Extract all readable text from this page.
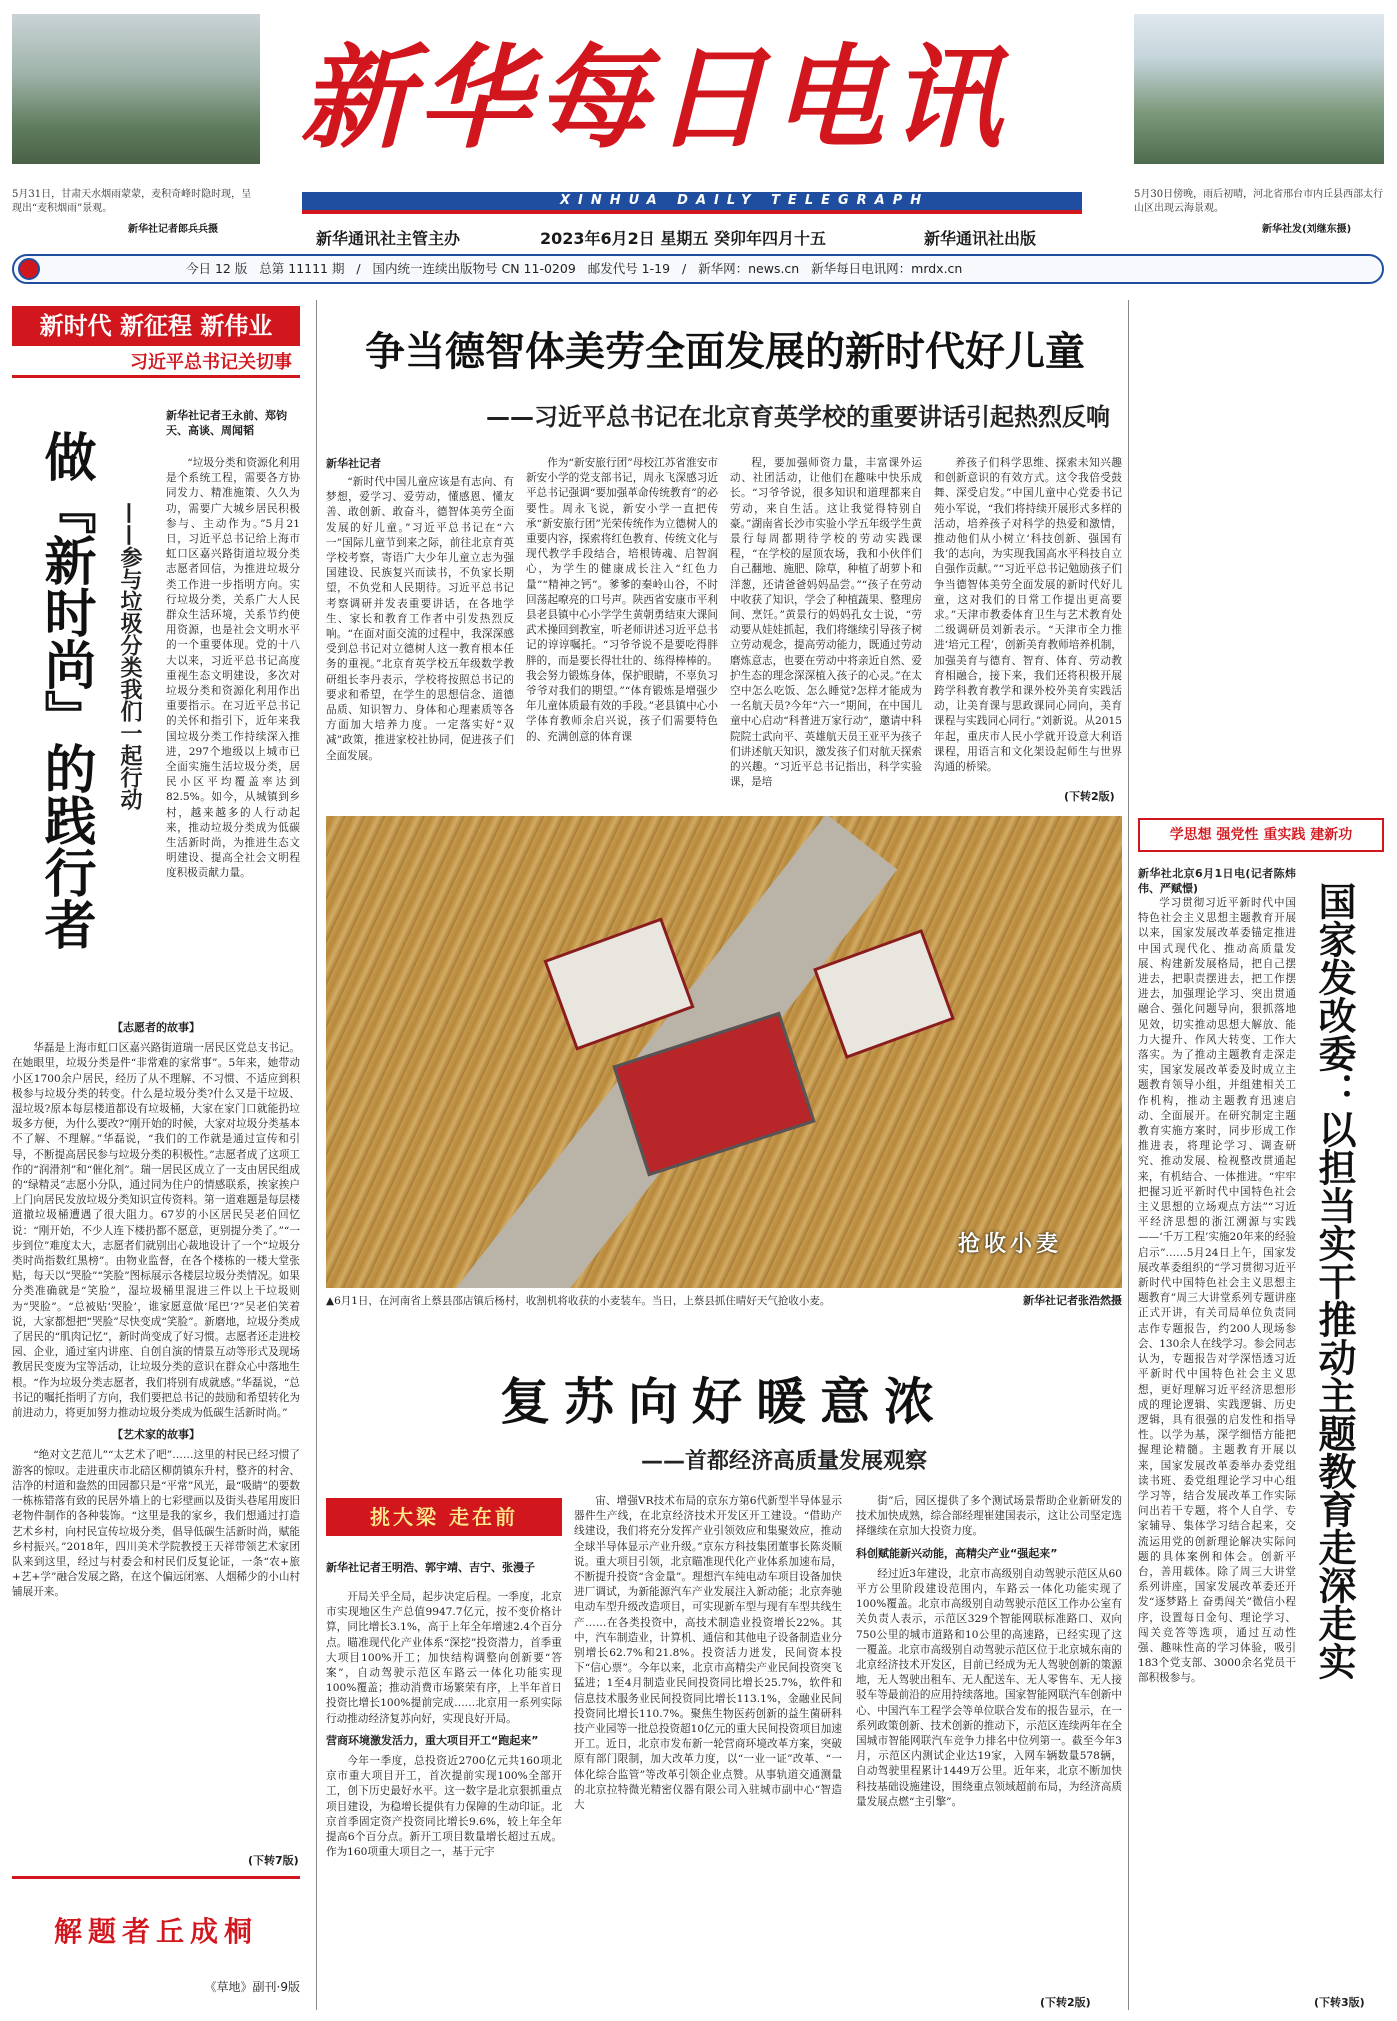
5月31日，甘肃天水烟雨蒙蒙，麦积奇峰时隐时现，呈现出“麦积烟雨”景观。
新华社记者郎兵兵摄
5月30日傍晚，雨后初晴，河北省邢台市内丘县西部太行山区出现云海景观。
新华社发(刘继东摄)
新华每日电讯
XINHUA DAILY TELEGRAPH
新华通讯社主管主办	2023年6月2日 星期五 癸卯年四月十五	新华通讯社出版
今日 12 版   总第 11111 期   /   国内统一连续出版物号 CN 11-0209   邮发代号 1-19   /   新华网：news.cn   新华每日电讯网：mrdx.cn
新时代 新征程 新伟业
习近平总书记关切事
做『新时尚』的践行者 ——参与垃圾分类我们一起行动
新华社记者王永前、郑钧天、高谈、周闻韬

“垃圾分类和资源化利用是个系统工程，需要各方协同发力、精准施策、久久为功，需要广大城乡居民积极参与、主动作为。”5月21日，习近平总书记给上海市虹口区嘉兴路街道垃圾分类志愿者回信，为推进垃圾分类工作进一步指明方向。实行垃圾分类，关系广大人民群众生活环境，关系节约使用资源，也是社会文明水平的一个重要体现。党的十八大以来，习近平总书记高度重视生态文明建设，多次对垃圾分类和资源化利用作出重要指示。在习近平总书记的关怀和指引下，近年来我国垃圾分类工作持续深入推进，297个地级以上城市已全面实施生活垃圾分类，居民小区平均覆盖率达到82.5%。如今，从城镇到乡村，越来越多的人行动起来，推动垃圾分类成为低碳生活新时尚，为推进生态文明建设、提高全社会文明程度积极贡献力量。

【志愿者的故事】

华磊是上海市虹口区嘉兴路街道瑞一居民区党总支书记。在她眼里，垃圾分类是件“非常难的家常事”。5年来，她带动小区1700余户居民，经历了从不理解、不习惯、不适应到积极参与垃圾分类的转变。什么是垃圾分类?什么又是干垃圾、湿垃圾?原本每层楼道都设有垃圾桶，大家在家门口就能扔垃圾多方便，为什么要改?“刚开始的时候，大家对垃圾分类基本不了解、不理解。”华磊说，“我们的工作就是通过宣传和引导，不断提高居民参与垃圾分类的积极性。”志愿者成了这项工作的“润滑剂”和“催化剂”。瑞一居民区成立了一支由居民组成的“绿精灵”志愿小分队，通过同为住户的情感联系，挨家挨户上门向居民发放垃圾分类知识宣传资料。第一道难题是每层楼道撤垃圾桶遭遇了很大阻力。67岁的小区居民吴老伯回忆说：“刚开始，不少人连下楼扔都不愿意，更别提分类了。”“一步到位”难度太大，志愿者们就别出心裁地设计了一个“垃圾分类时尚指数红黑榜”。由物业监督，在各个楼栋的一楼大堂张贴，每天以“哭脸”“笑脸”图标展示各楼层垃圾分类情况。如果分类准确就是“笑脸”，湿垃圾桶里混进三件以上干垃圾则为“哭脸”。“总被贴‘哭脸’，谁家愿意做‘尾巴’?”吴老伯笑着说，大家都想把“哭脸”尽快变成“笑脸”。新磨地，垃圾分类成了居民的“肌肉记忆”，新时尚变成了好习惯。志愿者还走进校园、企业，通过室内讲座、自创自演的情景互动等形式及现场教居民变废为宝等活动，让垃圾分类的意识在群众心中落地生根。“作为垃圾分类志愿者，我们将别有成就感。”华磊说，“总书记的嘱托指明了方向，我们要把总书记的鼓励和希望转化为前进动力，将更加努力推动垃圾分类成为低碳生活新时尚。”

【艺术家的故事】

“绝对文艺范儿”“太艺术了吧”……这里的村民已经习惯了游客的惊叹。走进重庆市北碚区柳荫镇东升村，整齐的村舍、洁净的村道和盎然的田园都只是“平常”风光，最“吸睛”的要数一栋栋错落有致的民居外墙上的七彩壁画以及街头巷尾用废旧老物件制作的各种装饰。“这里是我的家乡，我们想通过打造艺术乡村，向村民宣传垃圾分类，倡导低碳生活新时尚，赋能乡村振兴。”2018年，四川美术学院教授王天祥带领艺术家团队来到这里，经过与村委会和村民们反复论证，一条“农+旅+艺+学”融合发展之路，在这个偏远闭塞、人烟稀少的小山村铺展开来。

(下转7版)
解题者丘成桐
《草地》副刊·9版
争当德智体美劳全面发展的新时代好儿童
——习近平总书记在北京育英学校的重要讲话引起热烈反响
新华社记者

“新时代中国儿童应该是有志向、有梦想，爱学习、爱劳动，懂感恩、懂友善、敢创新、敢奋斗，德智体美劳全面发展的好儿童。”习近平总书记在“六一”国际儿童节到来之际，前往北京育英学校考察，寄语广大少年儿童立志为强国建设、民族复兴而读书，不负家长期望，不负党和人民期待。习近平总书记考察调研并发表重要讲话，在各地学生、家长和教育工作者中引发热烈反响。“在面对面交流的过程中，我深深感受到总书记对立德树人这一教育根本任务的重视。”北京育英学校五年级数学教研组长李丹表示，学校将按照总书记的要求和希望，在学生的思想信念、道德品质、知识智力、身体和心理素质等各方面加大培养力度。一定落实好“双减”政策，推进家校社协同，促进孩子们全面发展。

作为“新安旅行团”母校江苏省淮安市新安小学的党支部书记，周永飞深感习近平总书记强调“要加强革命传统教育”的必要性。周永飞说，新安小学一直把传承“新安旅行团”光荣传统作为立德树人的重要内容，探索将红色教育、传统文化与现代教学手段结合，培根铸魂、启智润心，为学生的健康成长注入“红色力量”“精神之钙”。爹爹的秦岭山谷，不时回荡起嘹亮的口号声。陕西省安康市平利县老县镇中心小学学生黄朝勇结束大课间武术操回到教室，听老师讲述习近平总书记的谆谆嘱托。“习爷爷说不是要吃得胖胖的，而是要长得壮壮的、练得棒棒的。我会努力锻炼身体，保护眼睛，不辜负习爷爷对我们的期望。”“体育锻炼是增强少年儿童体质最有效的手段。”老县镇中心小学体育教师余启兴说，孩子们需要特色的、充满创意的体育课

程，要加强师资力量，丰富课外运动、社团活动，让他们在趣味中快乐成长。“习爷爷说，很多知识和道理都来自劳动，来自生活。这让我觉得特别自豪。”湖南省长沙市实验小学五年级学生黄景行每周都期待学校的劳动实践课程，“在学校的屋顶农场，我和小伙伴们自己翻地、施肥、除草，种植了胡萝卜和洋葱，还请爸爸妈妈品尝。”“孩子在劳动中收获了知识，学会了种植蔬果、整理房间、烹饪。”黄景行的妈妈孔女士说，“劳动要从娃娃抓起，我们将继续引导孩子树立劳动观念，提高劳动能力，既通过劳动磨炼意志，也要在劳动中将亲近自然、爱护生态的理念深深植入孩子的心灵。”在太空中怎么吃饭、怎么睡觉?怎样才能成为一名航天员?今年“六一”期间，在中国儿童中心启动“科普进万家行动”，邀请中科院院士武向平、英雄航天员王亚平为孩子们讲述航天知识，激发孩子们对航天探索的兴趣。“习近平总书记指出，科学实验课，是培

养孩子们科学思维、探索未知兴趣和创新意识的有效方式。这令我倍受鼓舞、深受启发。”中国儿童中心党委书记苑小军说，“我们将持续开展形式多样的活动，培养孩子对科学的热爱和激情，推动他们从小树立‘科技创新、强国有我’的志向，为实现我国高水平科技自立自强作贡献。”“习近平总书记勉励孩子们争当德智体美劳全面发展的新时代好儿童，这对我们的日常工作提出更高要求。”天津市教委体育卫生与艺术教育处二级调研员刘新表示。“天津市全力推进‘培元工程’，创新美育教师培养机制，加强美育与德育、智育、体育、劳动教育相融合，接下来，我们还将积极开展跨学科教育教学和课外校外美育实践活动，让美育课与思政课同心同向，美育课程与实践同心同行。”刘新说。从2015年起，重庆市人民小学就开设意大利语课程，用语言和文化架设起师生与世界沟通的桥梁。

(下转2版)
抢收小麦
▲6月1日，在河南省上蔡县邵店镇后杨村，收割机将收获的小麦装车。当日，上蔡县抓住晴好天气抢收小麦。	新华社记者张浩然摄
复苏向好暖意浓
——首都经济高质量发展观察
挑大梁 走在前
新华社记者王明浩、郭宇靖、吉宁、张漫子

开局关乎全局，起步决定后程。一季度，北京市实现地区生产总值9947.7亿元，按不变价格计算，同比增长3.1%，高于上年全年增速2.4个百分点。瞄准现代化产业体系“深挖”投资潜力，首季重大项目100%开工；加快结构调整向创新要“答案”，自动驾驶示范区车路云一体化功能实现100%覆盖；推动消费市场繁荣有序，上半年首日投资比增长100%提前完成……北京用一系列实际行动推动经济复苏向好，实现良好开局。

营商环境激发活力，重大项目开工“跑起来”

今年一季度，总投资近2700亿元共160项北京市重大项目开工，首次提前实现100%全部开工，创下历史最好水平。这一数字是北京狠抓重点项目建设，为稳增长提供有力保障的生动印证。北京首季固定资产投资同比增长9.6%，较上年全年提高6个百分点。新开工项目数量增长超过五成。作为160项重大项目之一，基于元宇

宙、增强VR技术布局的京东方第6代新型半导体显示器件生产线，在北京经济技术开发区开工建设。“借助产线建设，我们将充分发挥产业引领效应和集聚效应，推动全球半导体显示产业升级。”京东方科技集团董事长陈炎顺说。重大项目引领，北京瞄准现代化产业体系加速布局，不断提升投资“含金量”。理想汽车纯电动车项目设备加快进厂调试，为新能源汽车产业发展注入新动能；北京奔驰电动车型升级改造项目，可实现新车型与现有车型共线生产……在各类投资中，高技术制造业投资增长22%。其中，汽车制造业，计算机、通信和其他电子设备制造业分别增长62.7%和21.8%。投资活力迸发，民间资本投下“信心票”。今年以来，北京市高精尖产业民间投资突飞猛进；1至4月制造业民间投资同比增长25.7%，软件和信息技术服务业民间投资同比增长113.1%，金融业民间投资同比增长110.7%。聚焦生物医药创新的益生菌研科技产业园等一批总投资超10亿元的重大民间投资项目加速开工。近日，北京市发布新一轮营商环境改革方案，突破原有部门限制，加大改革力度，以“一业一证”改革、“一体化综合监管”等改革引领企业点赞。从事轨道交通测量的北京拉特微光精密仪器有限公司入驻城市副中心“智造大

街”后，园区提供了多个测试场景帮助企业新研发的技术加快成熟，综合部经理崔建国表示，这让公司坚定选择继续在京加大投资力度。

科创赋能新兴动能，高精尖产业“强起来”

经过近3年建设，北京市高级别自动驾驶示范区从60平方公里阶段建设范围内，车路云一体化功能实现了100%覆盖。北京市高级别自动驾驶示范区工作办公室有关负责人表示，示范区329个智能网联标准路口、双向750公里的城市道路和10公里的高速路，已经实现了这一覆盖。北京市高级别自动驾驶示范区位于北京城东南的北京经济技术开发区，目前已经成为无人驾驶创新的策源地，无人驾驶出租车、无人配送车、无人零售车、无人接驳车等最前沿的应用持续落地。国家智能网联汽车创新中心、中国汽车工程学会等单位联合发布的报告显示，在一系列政策创新、技术创新的推动下，示范区连续两年在全国城市智能网联汽车竞争力排名中位列第一。截至今年3月，示范区内测试企业达19家，入网车辆数量578辆，自动驾驶里程累计1449万公里。近年来，北京不断加快科技基础设施建设，围绕重点领域超前布局，为经济高质量发展点燃“主引擎”。

(下转2版)
学思想 强党性 重实践 建新功
国家发改委：以担当实干推动主题教育走深走实
新华社北京6月1日电(记者陈炜伟、严赋憬)

学习贯彻习近平新时代中国特色社会主义思想主题教育开展以来，国家发展改革委锚定推进中国式现代化、推动高质量发展、构建新发展格局，把自己摆进去，把职责摆进去，把工作摆进去，加强理论学习、突出贯通融合、强化问题导向，狠抓落地见效，切实推动思想大解放、能力大提升、作风大转变、工作大落实。为了推动主题教育走深走实，国家发展改革委及时成立主题教育领导小组，并组建相关工作机构，推动主题教育迅速启动、全面展开。在研究制定主题教育实施方案时，同步形成工作推进表，将理论学习、调查研究、推动发展、检视整改贯通起来，有机结合、一体推进。“牢牢把握习近平新时代中国特色社会主义思想的立场观点方法”“习近平经济思想的浙江溯源与实践——‘千万工程’实施20年来的经验启示”……5月24日上午，国家发展改革委组织的“学习贯彻习近平新时代中国特色社会主义思想主题教育”周三大讲堂系列专题讲座正式开讲，有关司局单位负责同志作专题报告，约200人现场参会、130余人在线学习。参会同志认为，专题报告对学深悟透习近平新时代中国特色社会主义思想，更好理解习近平经济思想形成的理论逻辑、实践逻辑、历史逻辑，具有很强的启发性和指导性。以学为基，深学细悟方能把握理论精髓。主题教育开展以来，国家发展改革委举办委党组读书班、委党组理论学习中心组学习等，结合发展改革工作实际问出若干专题，将个人自学、专家辅导、集体学习结合起来，交流运用党的创新理论解决实际问题的具体案例和体会。创新平台，善用载体。除了周三大讲堂系列讲座，国家发展改革委还开发“逐梦路上 奋勇闯关”微信小程序，设置每日金句、理论学习、闯关竞答等选项，通过互动性强、趣味性高的学习体验，吸引183个党支部、3000余名党员干部积极参与。

(下转3版)
